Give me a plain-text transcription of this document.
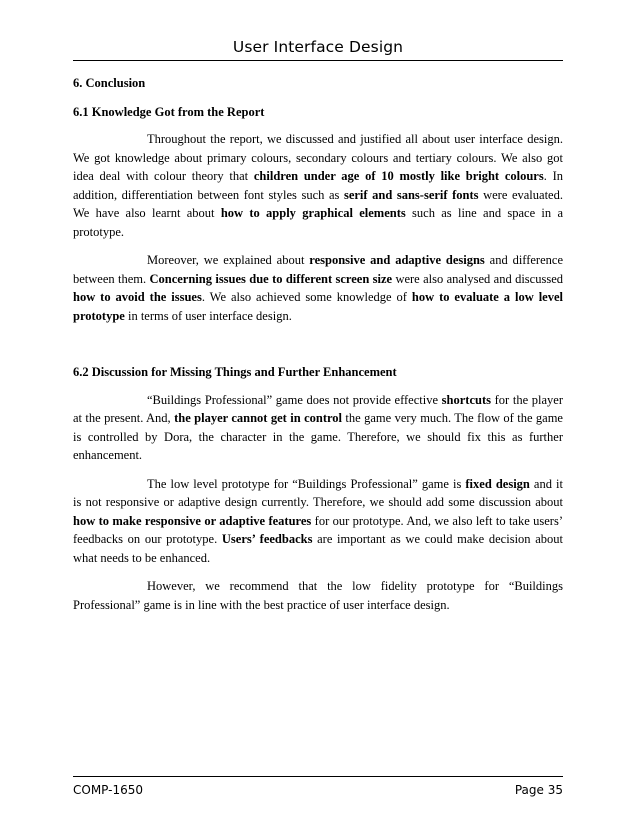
User Interface Design

6. Conclusion

6.1 Knowledge Got from the Report

Throughout the report, we discussed and justified all about user interface design. We got knowledge about primary colours, secondary colours and tertiary colours. We also got idea deal with colour theory that children under age of 10 mostly like bright colours. In addition, differentiation between font styles such as serif and sans-serif fonts were evaluated. We have also learnt about how to apply graphical elements such as line and space in a prototype.

Moreover, we explained about responsive and adaptive designs and difference between them. Concerning issues due to different screen size were also analysed and discussed how to avoid the issues. We also achieved some knowledge of how to evaluate a low level prototype in terms of user interface design.

6.2 Discussion for Missing Things and Further Enhancement

“Buildings Professional” game does not provide effective shortcuts for the player at the present. And, the player cannot get in control the game very much. The flow of the game is controlled by Dora, the character in the game. Therefore, we should fix this as further enhancement.

The low level prototype for “Buildings Professional” game is fixed design and it is not responsive or adaptive design currently. Therefore, we should add some discussion about how to make responsive or adaptive features for our prototype. And, we also left to take users’ feedbacks on our prototype. Users’ feedbacks are important as we could make decision about what needs to be enhanced.

However, we recommend that the low fidelity prototype for “Buildings Professional” game is in line with the best practice of user interface design.

COMP-1650	Page 35
